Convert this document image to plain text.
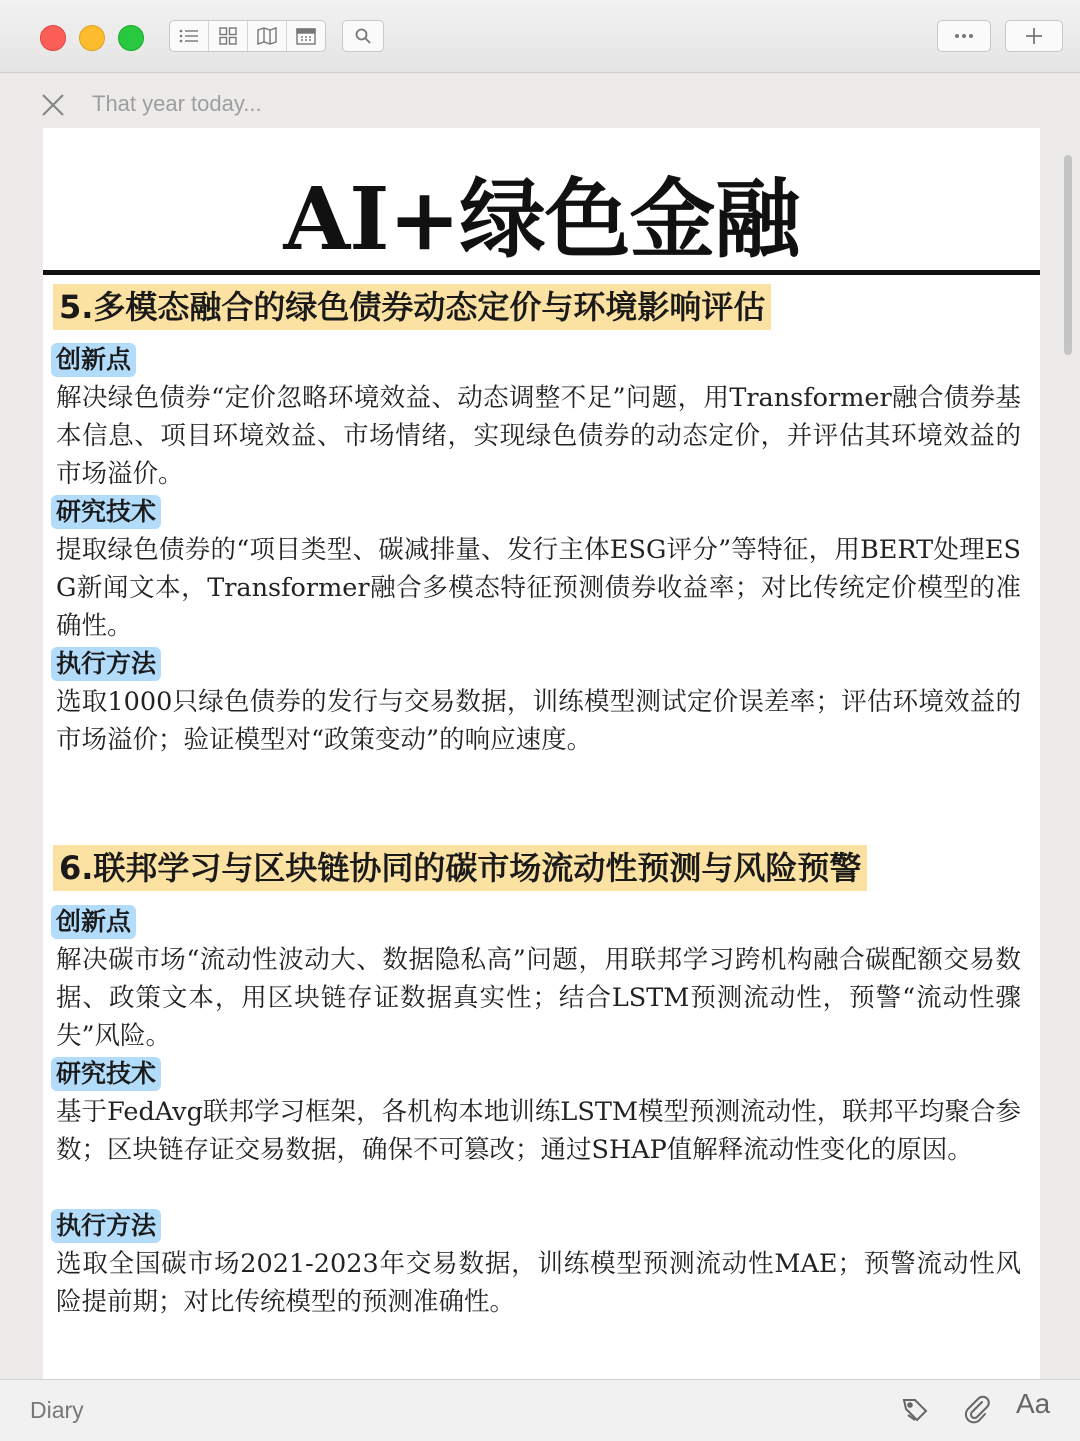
That year today...
AI+绿色金融
5.多模态融合的绿色债券动态定价与环境影响评估
创新点
解决绿色债券“定价忽略环境效益、动态调整不足”问题，用Transformer融合债券基本信息、项目环境效益、市场情绪，实现绿色债券的动态定价，并评估其环境效益的市场溢价。
研究技术
提取绿色债券的“项目类型、碳减排量、发行主体ESG评分”等特征，用BERT处理ESG新闻文本，Transformer融合多模态特征预测债券收益率；对比传统定价模型的准确性。
执行方法
选取1000只绿色债券的发行与交易数据，训练模型测试定价误差率；评估环境效益的市场溢价；验证模型对“政策变动”的响应速度。
6.联邦学习与区块链协同的碳市场流动性预测与风险预警
创新点
解决碳市场“流动性波动大、数据隐私高”问题，用联邦学习跨机构融合碳配额交易数据、政策文本，用区块链存证数据真实性；结合LSTM预测流动性，预警“流动性骤失”风险。
研究技术
基于FedAvg联邦学习框架，各机构本地训练LSTM模型预测流动性，联邦平均聚合参数；区块链存证交易数据，确保不可篡改；通过SHAP值解释流动性变化的原因。
执行方法
选取全国碳市场2021-2023年交易数据，训练模型预测流动性MAE；预警流动性风险提前期；对比传统模型的预测准确性。
Diary	Aa
